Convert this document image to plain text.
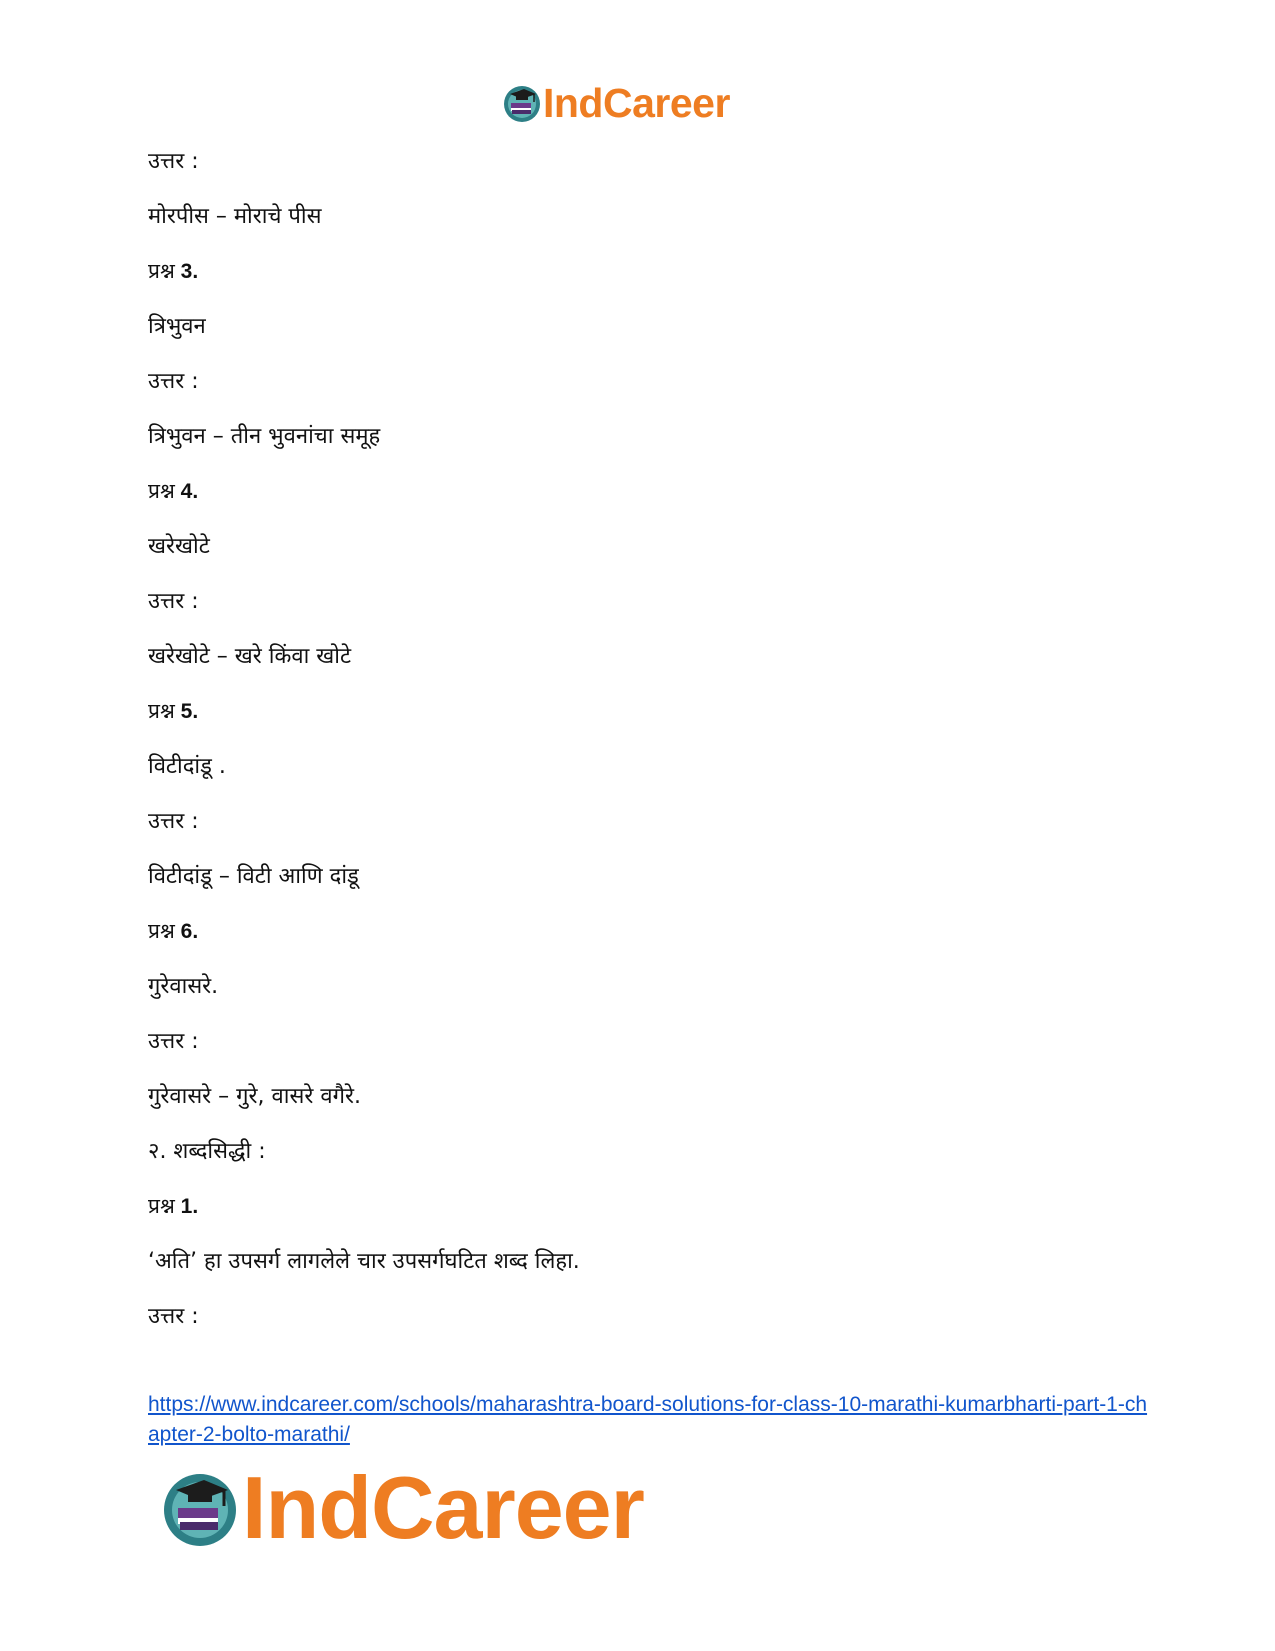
IndCareer
उत्तर :
मोरपीस – मोराचे पीस
प्रश्न 3.
त्रिभुवन
उत्तर :
त्रिभुवन – तीन भुवनांचा समूह
प्रश्न 4.
खरेखोटे
उत्तर :
खरेखोटे – खरे किंवा खोटे
प्रश्न 5.
विटीदांडू .
उत्तर :
विटीदांडू – विटी आणि दांडू
प्रश्न 6.
गुरेवासरे.
उत्तर :
गुरेवासरे – गुरे, वासरे वगैरे.
२. शब्दसिद्धी :
प्रश्न 1.
‘अति’ हा उपसर्ग लागलेले चार उपसर्गघटित शब्द लिहा.
उत्तर :
https://www.indcareer.com/schools/maharashtra-board-solutions-for-class-10-marathi-kumarbharti-part-1-chapter-2-bolto-marathi/
IndCareer
